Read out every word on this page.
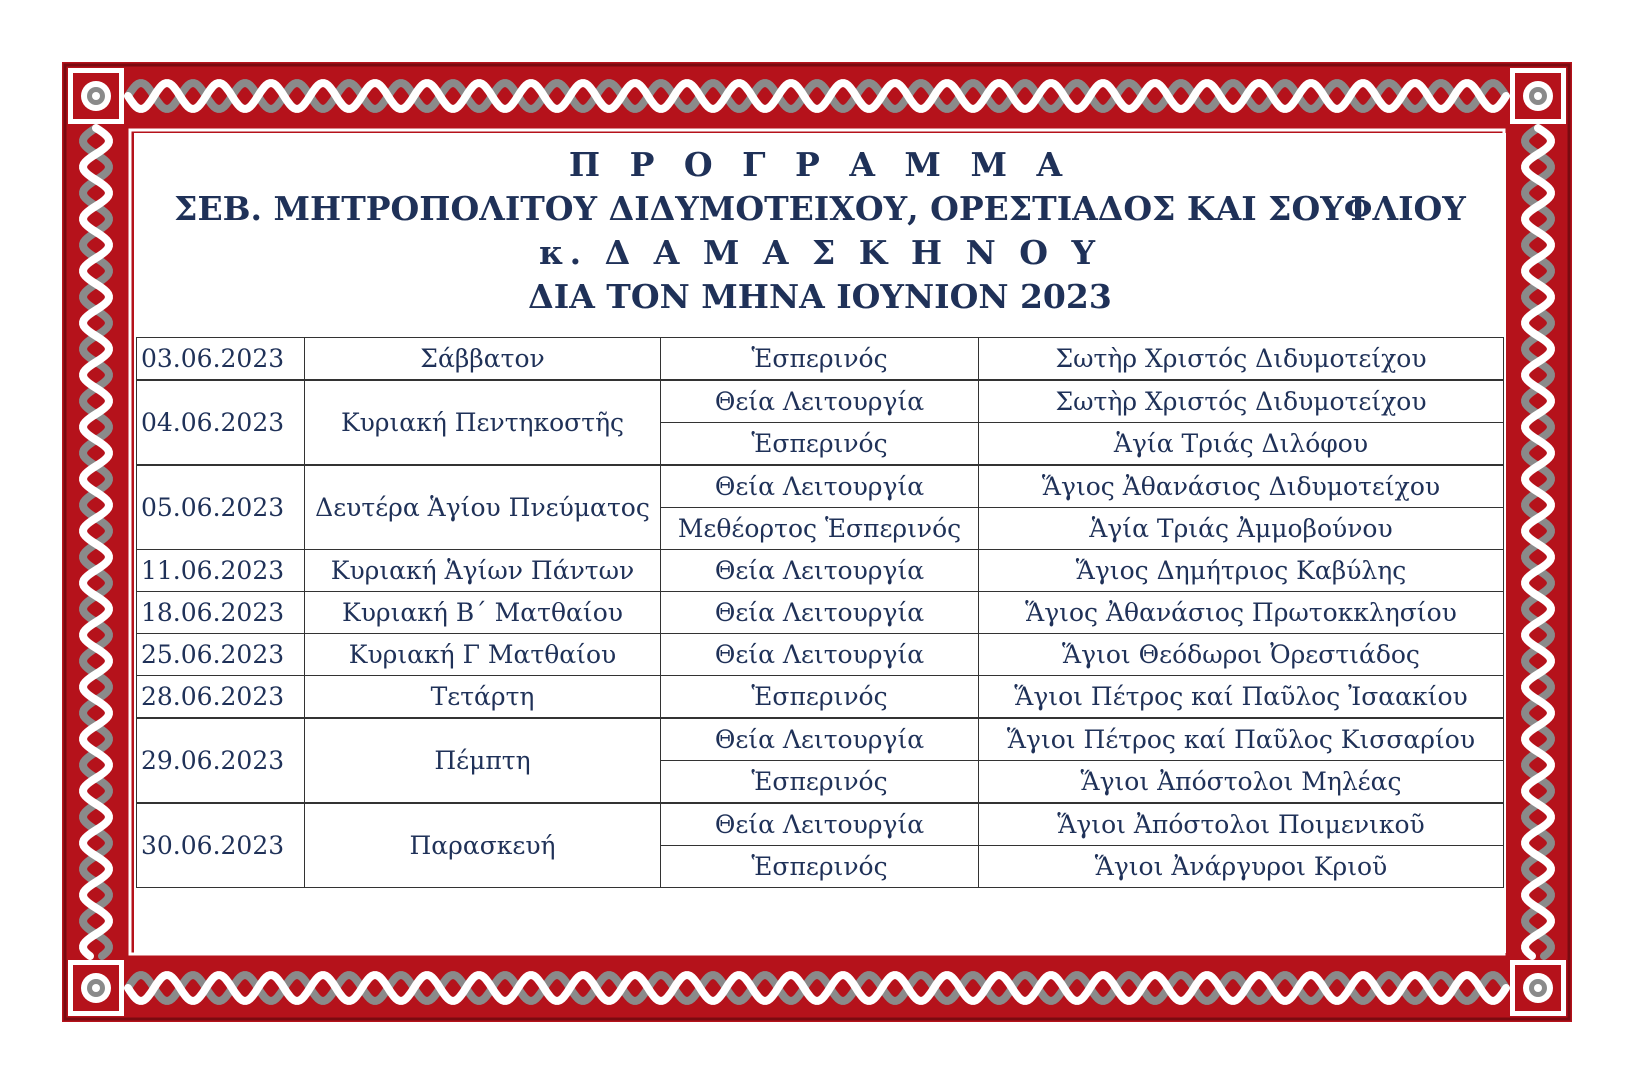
Π Ρ Ο Γ Ρ Α Μ Μ Α
ΣΕΒ. ΜΗΤΡΟΠΟΛΙΤΟΥ ΔΙΔΥΜΟΤΕΙΧΟΥ, ΟΡΕΣΤΙΑΔΟΣ ΚΑΙ ΣΟΥΦΛΙΟΥ
κ. Δ Α Μ Α Σ Κ Η Ν Ο Υ
ΔΙΑ ΤΟΝ ΜΗΝΑ ΙΟΥΝΙΟΝ 2023
03.06.2023	Σάββατον	Ἑσπερινός	Σωτὴρ Χριστός Διδυμοτείχου
04.06.2023	Κυριακή Πεντηκοστῆς	Θεία Λειτουργία	Σωτὴρ Χριστός Διδυμοτείχου
		Ἑσπερινός	Ἁγία Τριάς Διλόφου
05.06.2023	Δευτέρα Ἁγίου Πνεύματος	Θεία Λειτουργία	Ἅγιος Ἀθανάσιος Διδυμοτείχου
		Μεθέορτος Ἑσπερινός	Ἁγία Τριάς Ἀμμοβούνου
11.06.2023	Κυριακή Ἁγίων Πάντων	Θεία Λειτουργία	Ἅγιος Δημήτριος Καβύλης
18.06.2023	Κυριακή Β΄ Ματθαίου	Θεία Λειτουργία	Ἅγιος Ἀθανάσιος Πρωτοκκλησίου
25.06.2023	Κυριακή Γ Ματθαίου	Θεία Λειτουργία	Ἅγιοι Θεόδωροι Ὀρεστιάδος
28.06.2023	Τετάρτη	Ἑσπερινός	Ἅγιοι Πέτρος καί Παῦλος Ἰσαακίου
29.06.2023	Πέμπτη	Θεία Λειτουργία	Ἅγιοι Πέτρος καί Παῦλος Κισσαρίου
		Ἑσπερινός	Ἅγιοι Ἀπόστολοι Μηλέας
30.06.2023	Παρασκευή	Θεία Λειτουργία	Ἅγιοι Ἀπόστολοι Ποιμενικοῦ
		Ἑσπερινός	Ἅγιοι Ἀνάργυροι Κριοῦ
